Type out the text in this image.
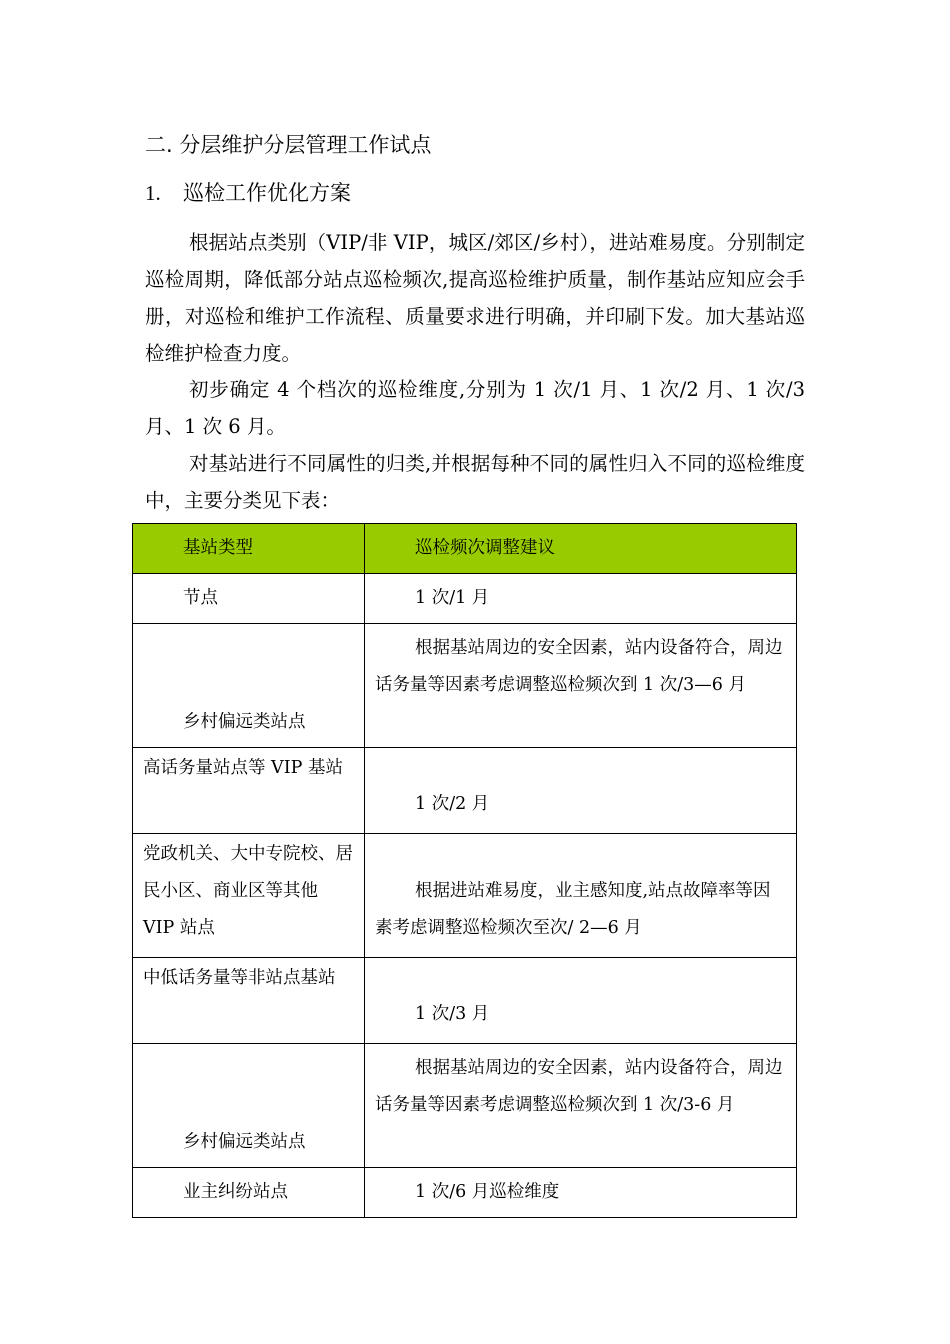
二. 分层维护分层管理工作试点
1. 巡检工作优化方案
根据站点类别（VIP/非 VIP，城区/郊区/乡村），进站难易度。分别制定巡检周期，降低部分站点巡检频次,提高巡检维护质量，制作基站应知应会手册，对巡检和维护工作流程、质量要求进行明确，并印刷下发。加大基站巡检维护检查力度。
初步确定 4 个档次的巡检维度,分别为 1 次/1 月、1 次/2 月、1 次/3 月、1 次 6 月。
对基站进行不同属性的归类,并根据每种不同的属性归入不同的巡检维度中，主要分类见下表：
基站类型	巡检频次调整建议
节点	1 次/1 月
乡村偏远类站点	根据基站周边的安全因素，站内设备符合，周边话务量等因素考虑调整巡检频次到 1 次/3—6 月
高话务量站点等 VIP 基站	1 次/2 月
党政机关、大中专院校、居民小区、商业区等其他 VIP 站点	根据进站难易度，业主感知度,站点故障率等因素考虑调整巡检频次至次/ 2—6 月
中低话务量等非站点基站	1 次/3 月
乡村偏远类站点	根据基站周边的安全因素，站内设备符合，周边话务量等因素考虑调整巡检频次到 1 次/3-6 月
业主纠纷站点	1 次/6 月巡检维度
